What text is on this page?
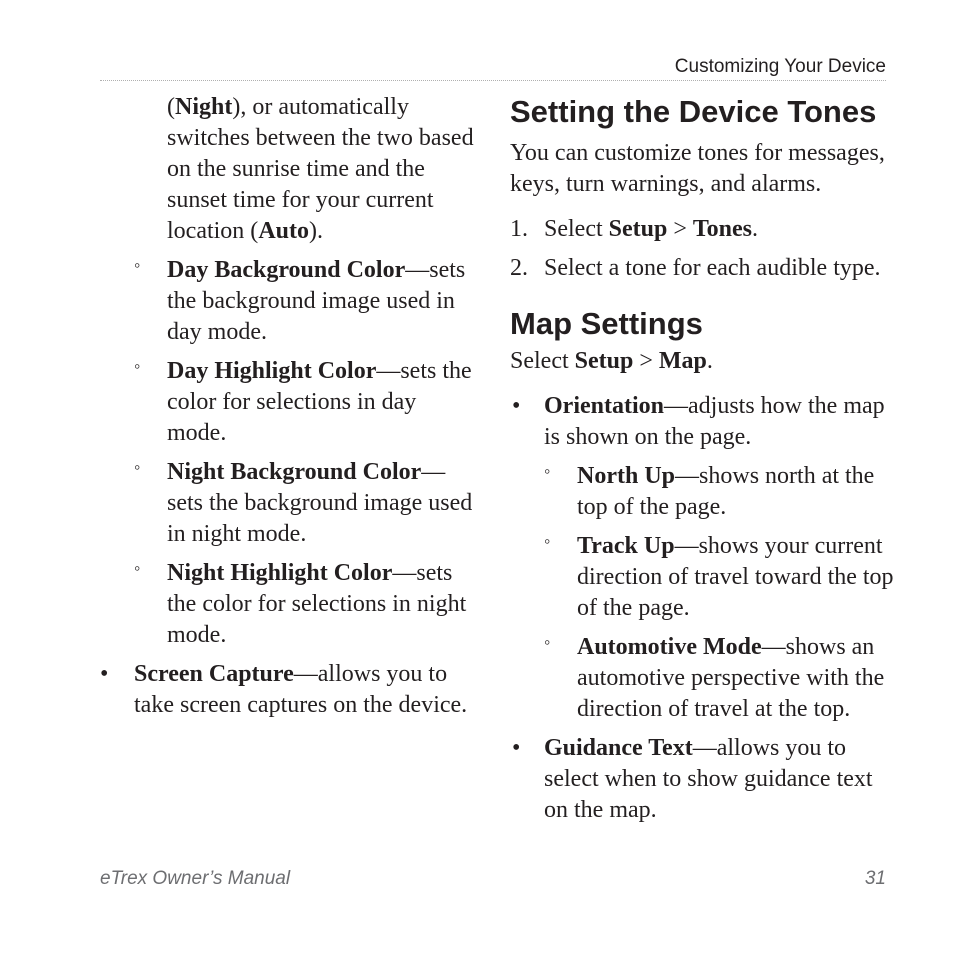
Customizing Your Device

(Night), or automatically switches between the two based on the sunrise time and the sunset time for your current location (Auto).

◦ Day Background Color—sets the background image used in day mode.

◦ Day Highlight Color—sets the color for selections in day mode.

◦ Night Background Color— sets the background image used in night mode.

◦ Night Highlight Color—sets the color for selections in night mode.

• Screen Capture—allows you to take screen captures on the device.

Setting the Device Tones

You can customize tones for messages, keys, turn warnings, and alarms.

1. Select Setup > Tones.

2. Select a tone for each audible type.

Map Settings

Select Setup > Map.

• Orientation—adjusts how the map is shown on the page.

◦ North Up—shows north at the top of the page.

◦ Track Up—shows your current direction of travel toward the top of the page.

◦ Automotive Mode—shows an automotive perspective with the direction of travel at the top.

• Guidance Text—allows you to select when to show guidance text on the map.

eTrex Owner’s Manual	31
